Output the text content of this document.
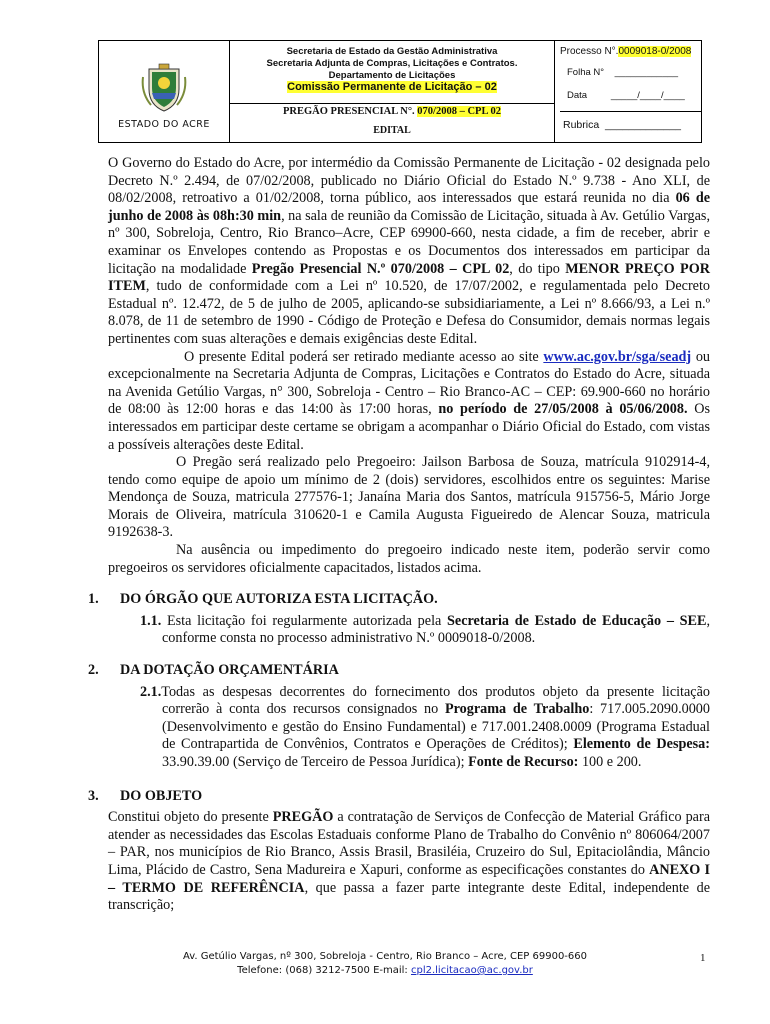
ESTADO DO ACRE
Secretaria de Estado da Gestão Administrativa
Secretaria Adjunta de Compras, Licitações e Contratos.
Departamento de Licitações
Comissão Permanente de Licitação – 02
PREGÃO PRESENCIAL N°. 070/2008 – CPL 02
EDITAL
Processo N°.0009018-0/2008
Folha N° ____________
Data	_____/____/____
Rubrica _____________

O Governo do Estado do Acre, por intermédio da Comissão Permanente de Licitação - 02 designada pelo Decreto N.º 2.494, de 07/02/2008, publicado no Diário Oficial do Estado N.º 9.738 - Ano XLI, de 08/02/2008, retroativo a 01/02/2008, torna público, aos interessados que estará reunida no dia 06 de junho de 2008 às 08h:30 min, na sala de reunião da Comissão de Licitação, situada à Av. Getúlio Vargas, nº 300, Sobreloja, Centro, Rio Branco–Acre, CEP 69900-660, nesta cidade, a fim de receber, abrir e examinar os Envelopes contendo as Propostas e os Documentos dos interessados em participar da licitação na modalidade Pregão Presencial N.º 070/2008 – CPL 02, do tipo MENOR PREÇO POR ITEM, tudo de conformidade com a Lei nº 10.520, de 17/07/2002, e regulamentada pelo Decreto Estadual nº. 12.472, de 5 de julho de 2005, aplicando-se subsidiariamente, a Lei nº 8.666/93, a Lei n.º 8.078, de 11 de setembro de 1990 - Código de Proteção e Defesa do Consumidor, demais normas legais pertinentes com suas alterações e demais exigências deste Edital.

O presente Edital poderá ser retirado mediante acesso ao site www.ac.gov.br/sga/seadj ou excepcionalmente na Secretaria Adjunta de Compras, Licitações e Contratos do Estado do Acre, situada na Avenida Getúlio Vargas, n° 300, Sobreloja - Centro – Rio Branco-AC – CEP: 69.900-660 no horário de 08:00 às 12:00 horas e das 14:00 às 17:00 horas, no período de 27/05/2008 à 05/06/2008. Os interessados em participar deste certame se obrigam a acompanhar o Diário Oficial do Estado, com vistas a possíveis alterações deste Edital.

O Pregão será realizado pelo Pregoeiro: Jailson Barbosa de Souza, matrícula 9102914-4, tendo como equipe de apoio um mínimo de 2 (dois) servidores, escolhidos entre os seguintes: Marise Mendonça de Souza, matricula 277576-1; Janaína Maria dos Santos, matrícula 915756-5, Mário Jorge Morais de Oliveira, matrícula 310620-1 e Camila Augusta Figueiredo de Alencar Souza, matricula 9192638-3.

Na ausência ou impedimento do pregoeiro indicado neste item, poderão servir como pregoeiros os servidores oficialmente capacitados, listados acima.

1.	DO ÓRGÃO QUE AUTORIZA ESTA LICITAÇÃO.

1.1. Esta licitação foi regularmente autorizada pela Secretaria de Estado de Educação – SEE, conforme consta no processo administrativo N.º 0009018-0/2008.

2.	DA DOTAÇÃO ORÇAMENTÁRIA

2.1.Todas as despesas decorrentes do fornecimento dos produtos objeto da presente licitação correrão à conta dos recursos consignados no Programa de Trabalho: 717.005.2090.0000 (Desenvolvimento e gestão do Ensino Fundamental) e 717.001.2408.0009 (Programa Estadual de Contrapartida de Convênios, Contratos e Operações de Créditos); Elemento de Despesa: 33.90.39.00 (Serviço de Terceiro de Pessoa Jurídica); Fonte de Recurso: 100 e 200.

3.	DO OBJETO

Constitui objeto do presente PREGÃO a contratação de Serviços de Confecção de Material Gráfico para atender as necessidades das Escolas Estaduais conforme Plano de Trabalho do Convênio nº 806064/2007 – PAR, nos municípios de Rio Branco, Assis Brasil, Brasiléia, Cruzeiro do Sul, Epitaciolândia, Mâncio Lima, Plácido de Castro, Sena Madureira e Xapuri, conforme as especificações constantes do ANEXO I – TERMO DE REFERÊNCIA, que passa a fazer parte integrante deste Edital, independente de transcrição;

Av. Getúlio Vargas, nº 300, Sobreloja - Centro, Rio Branco – Acre, CEP 69900-660
Telefone: (068) 3212-7500 E-mail: cpl2.licitacao@ac.gov.br
1
